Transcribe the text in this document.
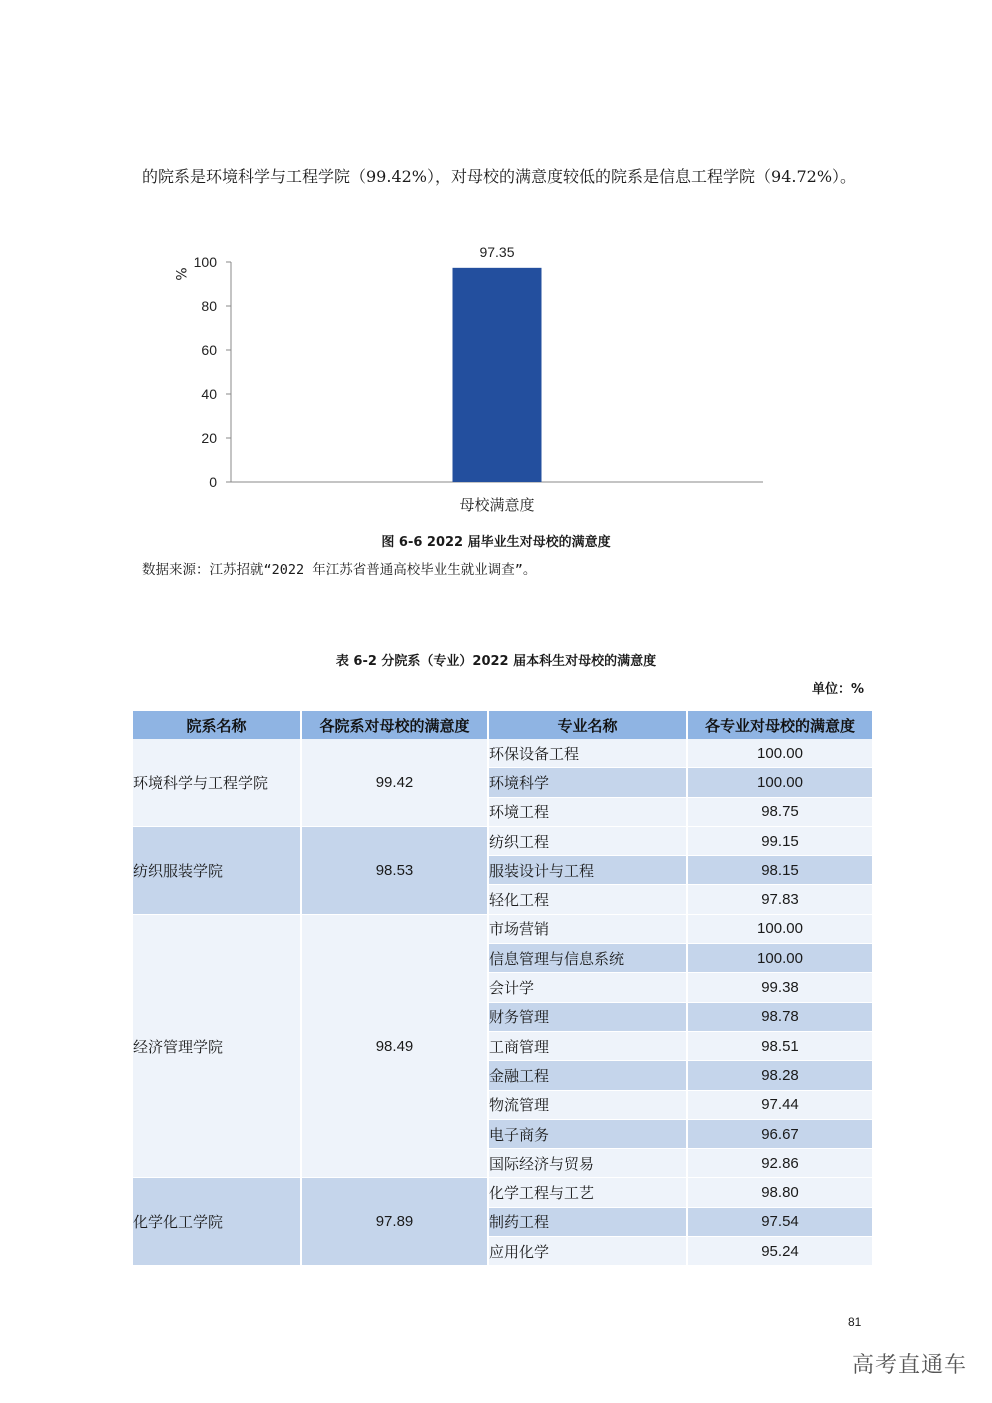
的院系是环境科学与工程学院（99.42%），对母校的满意度较低的院系是信息工程学院（94.72%）。
0
20
40
60
80
100
%
97.35
母校满意度
图 6-6 2022 届毕业生对母校的满意度
数据来源：江苏招就“2022 年江苏省普通高校毕业生就业调查”。
表 6-2 分院系（专业）2022 届本科生对母校的满意度
单位：%
院系名称	各院系对母校的满意度	专业名称	各专业对母校的满意度
环境科学与工程学院	99.42	环保设备工程	100.00
		环境科学	100.00
		环境工程	98.75
纺织服装学院	98.53	纺织工程	99.15
		服装设计与工程	98.15
		轻化工程	97.83
经济管理学院	98.49	市场营销	100.00
		信息管理与信息系统	100.00
		会计学	99.38
		财务管理	98.78
		工商管理	98.51
		金融工程	98.28
		物流管理	97.44
		电子商务	96.67
		国际经济与贸易	92.86
化学化工学院	97.89	化学工程与工艺	98.80
		制药工程	97.54
		应用化学	95.24
81
高考直通车
